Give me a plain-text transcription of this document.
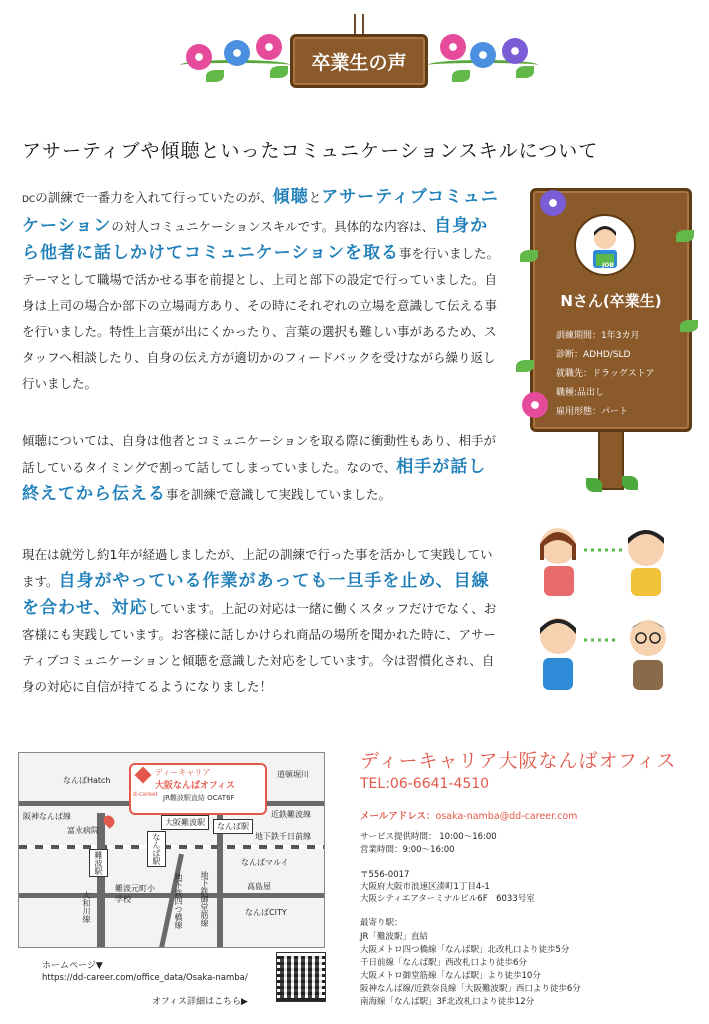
卒業生の声
アサーティブや傾聴といったコミュニケーションスキルについて
DCの訓練で一番力を入れて行っていたのが、傾聴とアサーティブコミュニケーションの対人コミュニケーションスキルです。具体的な内容は、自身から他者に話しかけてコミュニケーションを取る事を行いました。テーマとして職場で活かせる事を前提とし、上司と部下の設定で行っていました。自身は上司の場合か部下の立場両方あり、その時にそれぞれの立場を意識して伝える事を行いました。特性上言葉が出にくかったり、言葉の選択も難しい事があるため、スタッフへ相談したり、自身の伝え方が適切かのフィードバックを受けながら繰り返し行いました。
傾聴については、自身は他者とコミュニケーションを取る際に衝動性もあり、相手が話しているタイミングで割って話してしまっていました。なので、相手が話し終えてから伝える事を訓練で意識して実践していました。
現在は就労し約1年が経過しましたが、上記の訓練で行った事を活かして実践しています。自身がやっている作業があっても一旦手を止め、目線を合わせ、対応しています。上記の対応は一緒に働くスタッフだけでなく、お客様にも実践しています。お客様に話しかけられ商品の場所を聞かれた時に、アサーティブコミュニケーションと傾聴を意識した対応をしています。今は習慣化され、自身の対応に自信が持てるようになりました！
JOB
Nさん(卒業生)
訓練期間：1年3カ月
診断：ADHD/SLD
就職先：ドラッグストア
職種:品出し
雇用形態：パート
ディーキャリア
大阪なんばオフィス
d-career JR難波駅直結 OCAT6F
なんばHatch
道頓堀川
阪神なんば線	近鉄難波線
富永病院
大阪難波駅	なんば駅
地下鉄千日前線
難波駅	なんば駅	なんばマルイ
高島屋
大和川線
難波元町小学校	地下鉄御堂筋線
地下鉄四つ橋線	なんばCITY
ディーキャリア大阪なんばオフィス
TEL:06-6641-4510
メールアドレス：osaka-namba@dd-career.com
サービス提供時間： 10:00〜16:00
営業時間：9:00〜16:00
〒556-0017
大阪府大阪市浪速区湊町1丁目4-1
大阪シティエアターミナルビル6F　6033号室
最寄り駅：
JR「難波駅」直結
大阪メトロ四つ橋線「なんば駅」北改札口より徒歩5分
千日前線「なんば駅」西改札口より徒歩6分
大阪メトロ御堂筋線「なんば駅」より徒歩10分
阪神なんば線/近鉄奈良線「大阪難波駅」西口より徒歩6分
南海線「なんば駅」3F北改札口より徒歩12分
ホームページ▼
https://dd-career.com/office_data/Osaka-namba/
オフィス詳細はこちら▶
